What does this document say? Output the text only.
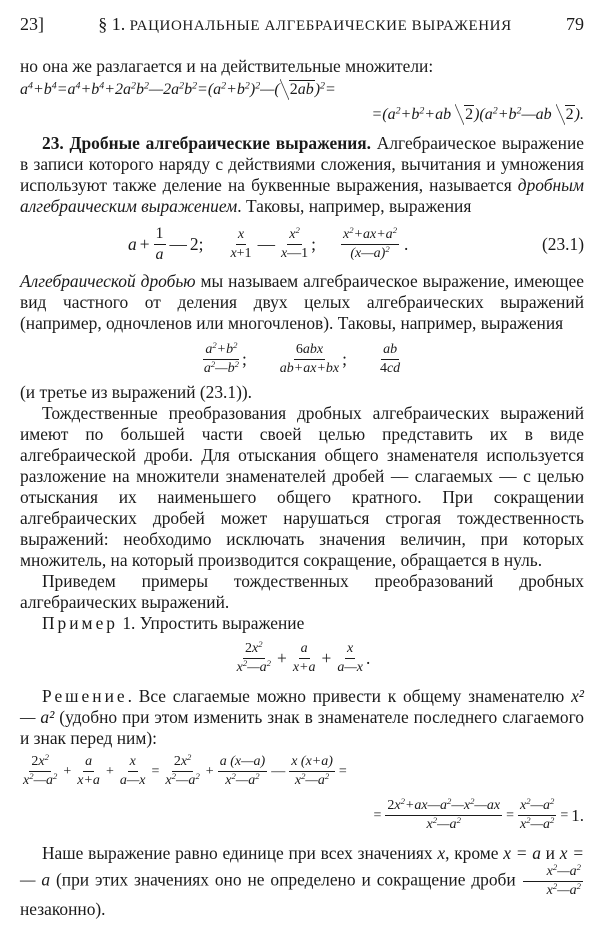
23]	§ 1. РАЦИОНАЛЬНЫЕ АЛГЕБРАИЧЕСКИЕ ВЫРАЖЕНИЯ	79

но она же разлагается и на действительные множители:

$a^4+b^4=a^4+b^4+2a^2b^2—2a^2b^2=(a^2+b^2)^2—$( 2ab)$^2$=
$=(a^2+b^2+ab$ $2)(a^2+b^2—ab$ 2).

23. Дробные алгебраические выражения. Алгебраическое выражение в записи которого наряду с действиями сложения, вычитания и умножения используют также деление на буквенные выражения, называется дробным алгебраическим выражением. Таковы, например, выражения

$a + \frac{1}{a}$ — 2; $\frac{x}{x+1}$ — $\frac{x^2}{x—1}$ ; $\frac{x^2+ax+a^2}{(x—a)^2}$ .	(23.1)

Алгебраической дробью мы называем алгебраическое выражение, имеющее вид частного от деления двух целых алгебраических выражений (например, одночленов или многочленов). Таковы, например, выражения

$\frac{a^2+b^2}{a^2—b^2}$ ; $\frac{\text{6abx}}{ab+ax+bx}$ ; $\frac{ab}{4cd}$

(и третье из выражений (23.1)).

Тождественные преобразования дробных алгебраических выражений имеют по большей части своей целью представить их в виде алгебраической дроби. Для отыскания общего знаменателя используется разложение на множители знаменателей дробей — слагаемых — с целью отыскания их наименьшего общего кратного. При сокращении алгебраических дробей может нарушаться строгая тождественность выражений: необходимо исключать значения величин, при которых множитель, на который производится сокращение, обращается в нуль.

Приведем примеры тождественных преобразований дробных алгебраических выражений.

Пример 1. Упростить выражение

$\frac{2x^2}{x^2—a^2} + \frac{a}{x+a} + \frac{x}{a—x}$ .

Решение. Все слагаемые можно привести к общему знаменателю x² — a² (удобно при этом изменить знак в знаменателе последнего слагаемого и знак перед ним):

$\frac{2x^2}{x^2—a^2} + \frac{a}{x+a} + \frac{x}{a—x} = \frac{2x^2}{x^2—a^2} + \frac{a (x—a)}{x^2—a^2}$ — $\frac{x (x+a)}{x^2—a^2}$ =
= $\frac{2x^2+ax—a^2—x^2—ax}{x^2—a^2} = \frac{x^2—a^2}{x^2—a^2} = 1$.

Наше выражение равно единице при всех значениях x, кроме x = a и x = — a (при этих значениях оно не определено и сокращение дроби $\frac{x^2—a^2}{x^2—a^2}$
незаконно).
